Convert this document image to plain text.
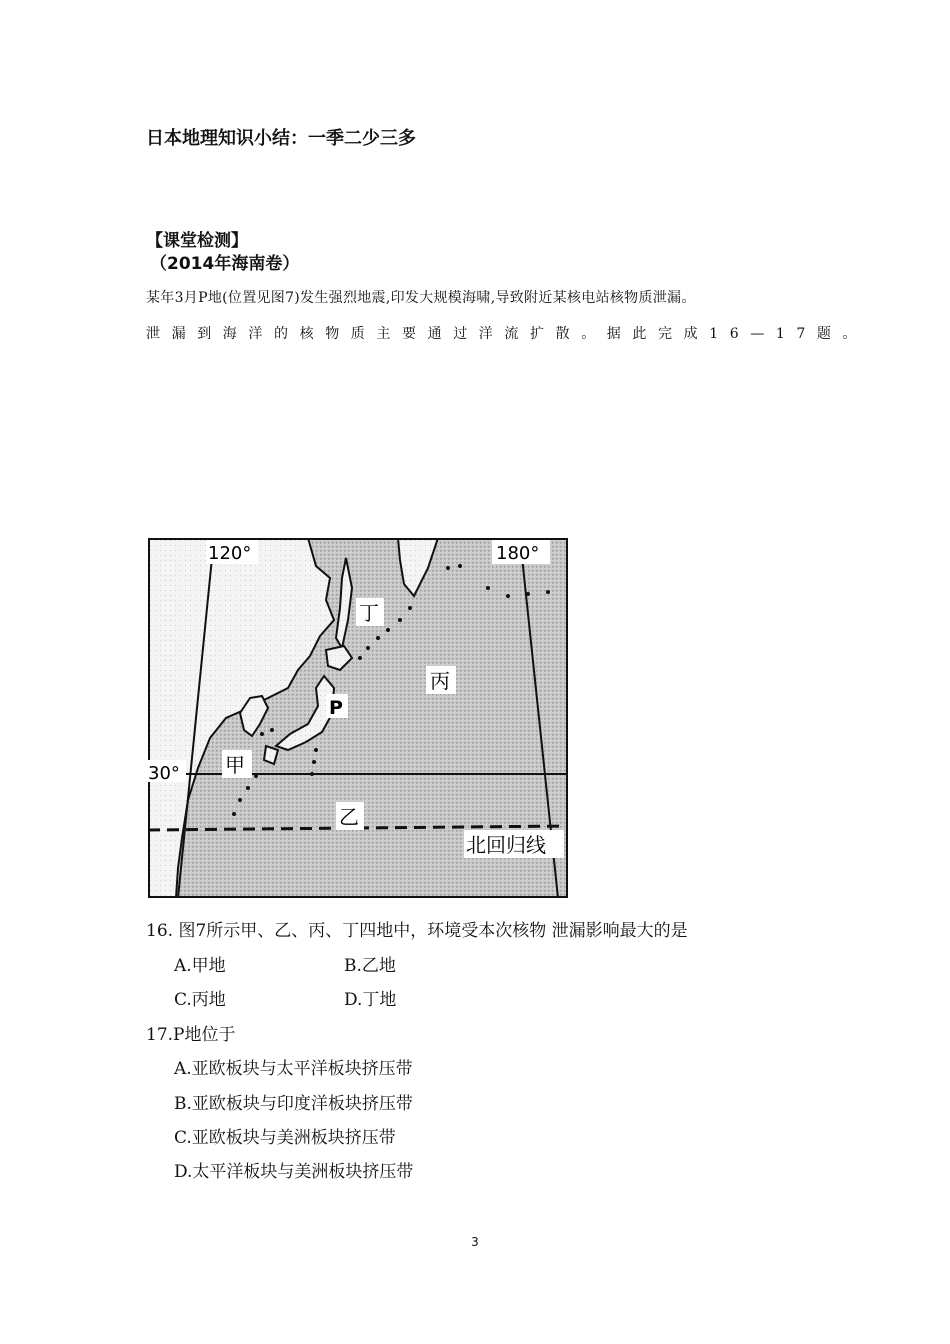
日本地理知识小结：一季二少三多
【课堂检测】
（2014年海南卷）
某年3月P地(位置见图7)发生强烈地震,印发大规模海啸,导致附近某核电站核物质泄漏。
泄漏到海洋的核物质主要通过洋流扩散。据此完成16—17题。
120°	180°
30°
丁
丙
P
甲
乙
北回归线
16. 图7所示甲、乙、丙、丁四地中，环境受本次核物 泄漏影响最大的是
A.甲地	B.乙地
C.丙地	D.丁地
17.P地位于
A.亚欧板块与太平洋板块挤压带
B.亚欧板块与印度洋板块挤压带
C.亚欧板块与美洲板块挤压带
D.太平洋板块与美洲板块挤压带
3
